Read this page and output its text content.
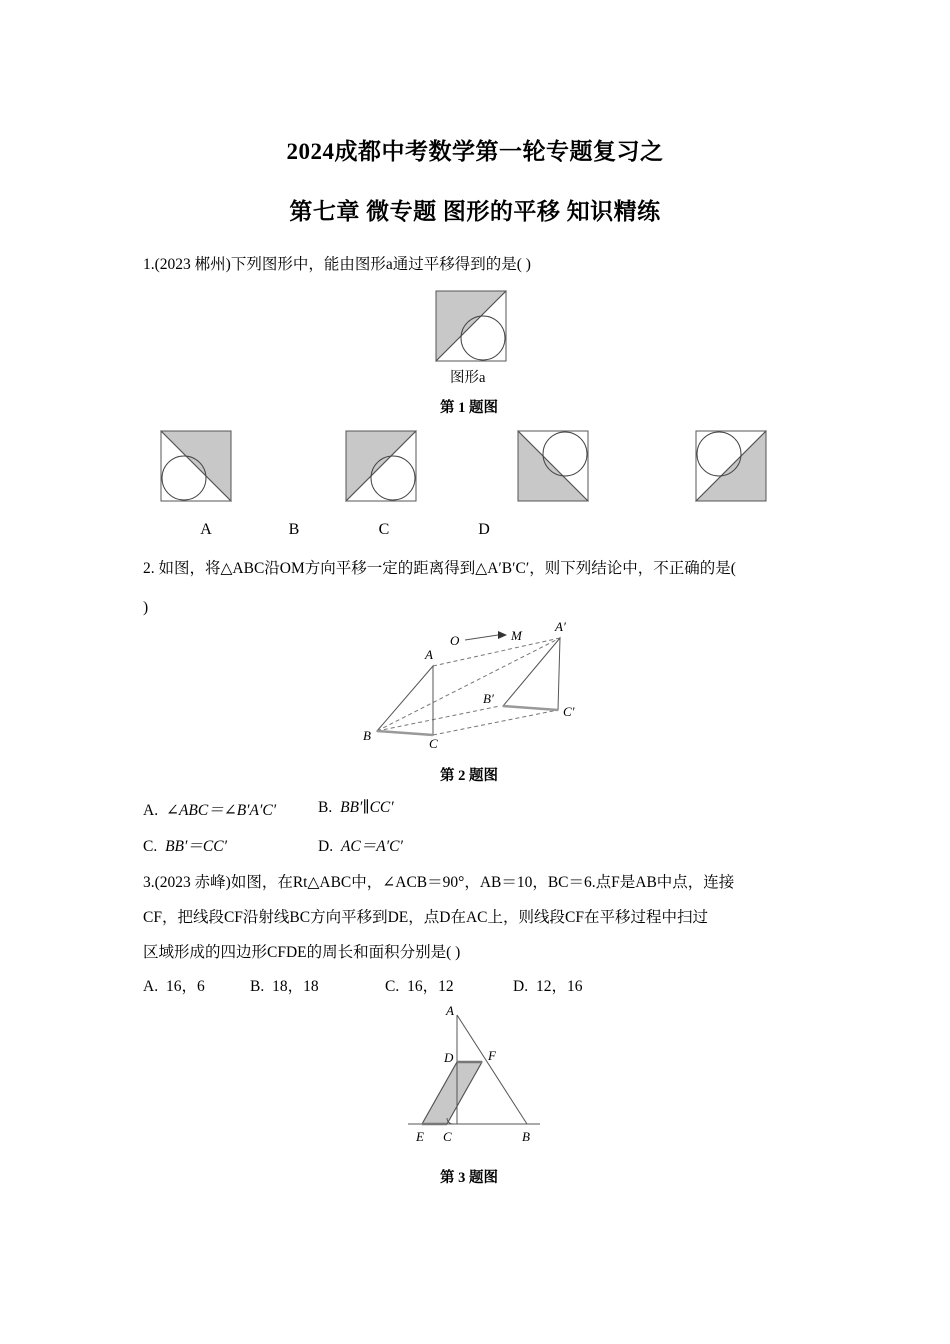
2024成都中考数学第一轮专题复习之
第七章 微专题 图形的平移 知识精练
1.(2023 郴州)下列图形中，能由图形a通过平移得到的是( )
图形a
第 1 题图
A	B	C	D
2. 如图，将△ABC沿OM方向平移一定的距离得到△A′B′C′，则下列结论中，不正确的是(
)
O	M
A
B
C
A′
B′
C′
第 2 题图
A. ∠ABC＝∠B′A′C′	B. BB′∥CC′
C. BB′＝CC′	D. AC＝A′C′
3.(2023 赤峰)如图，在Rt△ABC中，∠ACB＝90°，AB＝10，BC＝6.点F是AB中点，连接
CF，把线段CF沿射线BC方向平移到DE，点D在AC上，则线段CF在平移过程中扫过
区域形成的四边形CFDE的周长和面积分别是( )
A. 16，6	B. 18，18	C. 16，12	D. 12，16
A
D	F
E C	B
第 3 题图
